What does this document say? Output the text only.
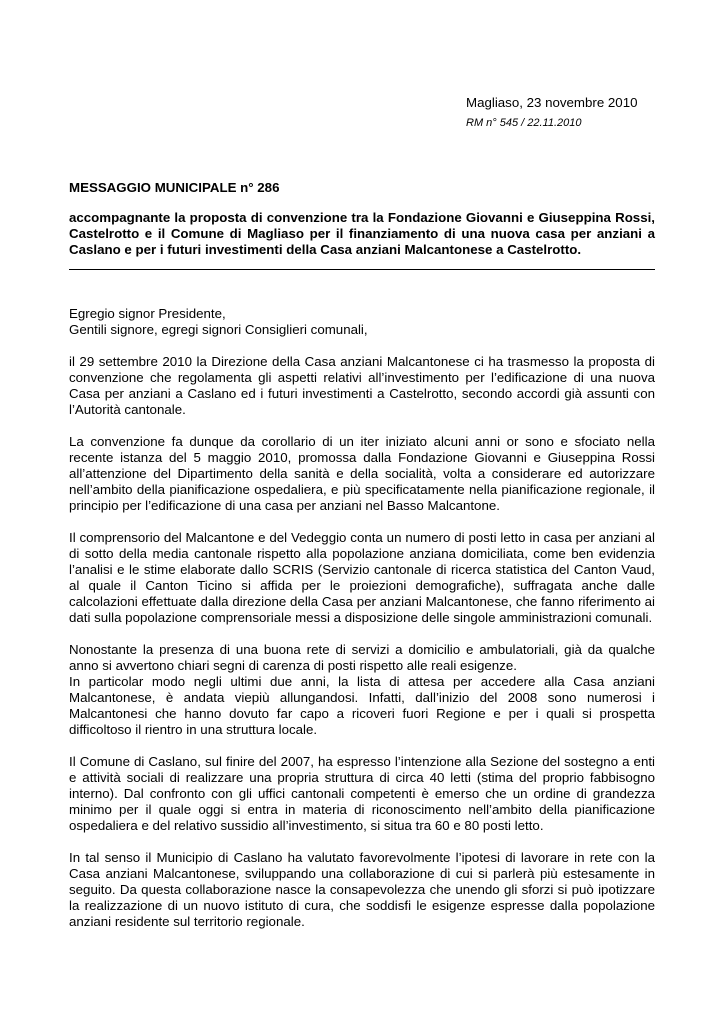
Magliaso, 23 novembre 2010
RM n° 545 / 22.11.2010
MESSAGGIO MUNICIPALE n° 286
accompagnante la proposta di convenzione tra la Fondazione Giovanni e Giuseppina Rossi, Castelrotto e il Comune di Magliaso per il finanziamento di una nuova casa per anziani a Caslano e per i futuri investimenti della Casa anziani Malcantonese a Castelrotto.

Egregio signor Presidente,

Gentili signore, egregi signori Consiglieri comunali,

il 29 settembre 2010 la Direzione della Casa anziani Malcantonese ci ha trasmesso la proposta di convenzione che regolamenta gli aspetti relativi all’investimento per l’edificazione di una nuova Casa per anziani a Caslano ed i futuri investimenti a Castelrotto, secondo accordi già assunti con l’Autorità cantonale.

La convenzione fa dunque da corollario di un iter iniziato alcuni anni or sono e sfociato nella recente istanza del 5 maggio 2010, promossa dalla Fondazione Giovanni e Giuseppina Rossi all’attenzione del Dipartimento della sanità e della socialità, volta a considerare ed autorizzare nell’ambito della pianificazione ospedaliera, e più specificatamente nella pianificazione regionale, il principio per l’edificazione di una casa per anziani nel Basso Malcantone.

Il comprensorio del Malcantone e del Vedeggio conta un numero di posti letto in casa per anziani al di sotto della media cantonale rispetto alla popolazione anziana domiciliata, come ben evidenzia l’analisi e le stime elaborate dallo SCRIS (Servizio cantonale di ricerca statistica del Canton Vaud, al quale il Canton Ticino si affida per le proiezioni demografiche), suffragata anche dalle calcolazioni effettuate dalla direzione della Casa per anziani Malcantonese, che fanno riferimento ai dati sulla popolazione comprensoriale messi a disposizione delle singole amministrazioni comunali.

Nonostante la presenza di una buona rete di servizi a domicilio e ambulatoriali, già da qualche anno si avvertono chiari segni di carenza di posti rispetto alle reali esigenze.

In particolar modo negli ultimi due anni, la lista di attesa per accedere alla Casa anziani Malcantonese, è andata viepiù allungandosi. Infatti, dall’inizio del 2008 sono numerosi i Malcantonesi che hanno dovuto far capo a ricoveri fuori Regione e per i quali si prospetta difficoltoso il rientro in una struttura locale.

Il Comune di Caslano, sul finire del 2007, ha espresso l’intenzione alla Sezione del sostegno a enti e attività sociali di realizzare una propria struttura di circa 40 letti (stima del proprio fabbisogno interno). Dal confronto con gli uffici cantonali competenti è emerso che un ordine di grandezza minimo per il quale oggi si entra in materia di riconoscimento nell’ambito della pianificazione ospedaliera e del relativo sussidio all’investimento, si situa tra 60 e 80 posti letto.

In tal senso il Municipio di Caslano ha valutato favorevolmente l’ipotesi di lavorare in rete con la Casa anziani Malcantonese, sviluppando una collaborazione di cui si parlerà più estesamente in seguito. Da questa collaborazione nasce la consapevolezza che unendo gli sforzi si può ipotizzare la realizzazione di un nuovo istituto di cura, che soddisfi le esigenze espresse dalla popolazione anziani residente sul territorio regionale.
